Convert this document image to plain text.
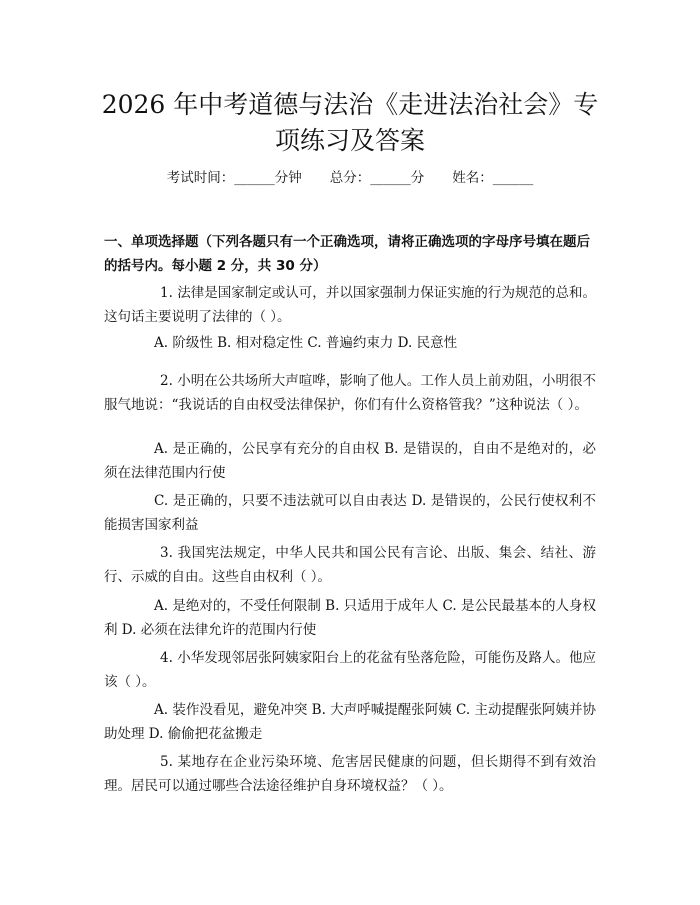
2026 年中考道德与法治《走进法治社会》专
项练习及答案
考试时间：______分钟 总分：______分 姓名：______

一、单项选择题（下列各题只有一个正确选项，请将正确选项的字母序号填在题后的括号内。每小题 2 分，共 30 分）

1. 法律是国家制定或认可，并以国家强制力保证实施的行为规范的总和。这句话主要说明了法律的（ ）。

A. 阶级性 B. 相对稳定性 C. 普遍约束力 D. 民意性

2. 小明在公共场所大声喧哗，影响了他人。工作人员上前劝阻，小明很不服气地说：“我说话的自由权受法律保护，你们有什么资格管我？”这种说法（ ）。

A. 是正确的，公民享有充分的自由权 B. 是错误的，自由不是绝对的，必须在法律范围内行使

C. 是正确的，只要不违法就可以自由表达 D. 是错误的，公民行使权利不能损害国家利益

3. 我国宪法规定，中华人民共和国公民有言论、出版、集会、结社、游行、示威的自由。这些自由权利（ ）。

A. 是绝对的，不受任何限制 B. 只适用于成年人 C. 是公民最基本的人身权利 D. 必须在法律允许的范围内行使

4. 小华发现邻居张阿姨家阳台上的花盆有坠落危险，可能伤及路人。他应该（ ）。

A. 装作没看见，避免冲突 B. 大声呼喊提醒张阿姨 C. 主动提醒张阿姨并协助处理 D. 偷偷把花盆搬走

5. 某地存在企业污染环境、危害居民健康的问题，但长期得不到有效治理。居民可以通过哪些合法途径维护自身环境权益？（ ）。
